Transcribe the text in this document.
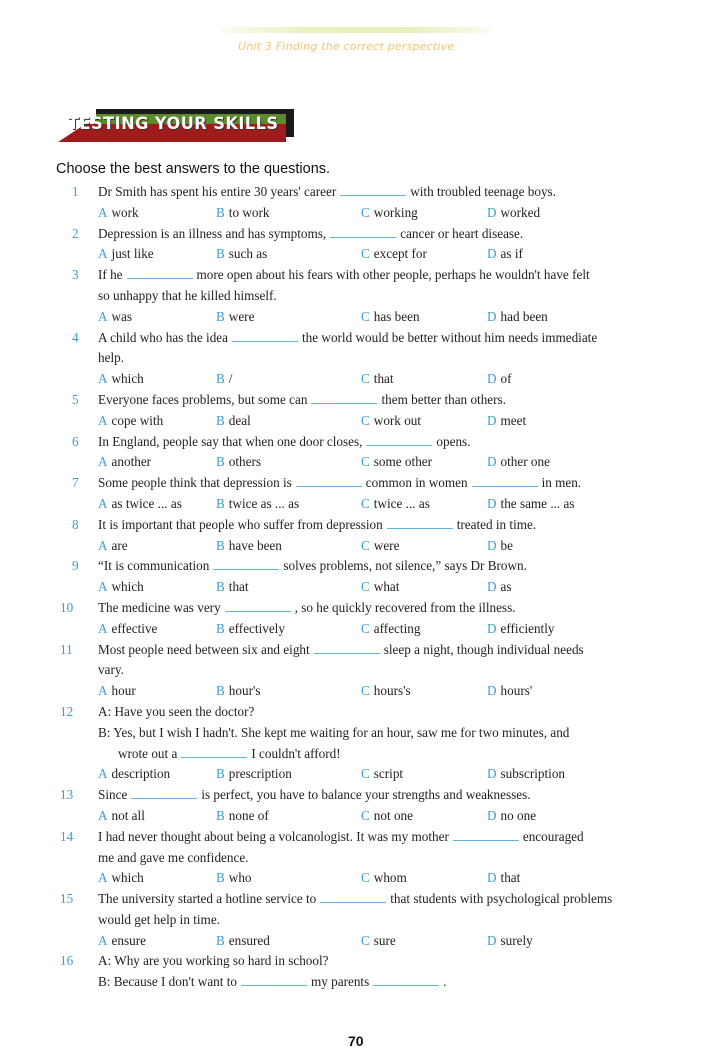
Unit 3 Finding the correct perspective
TESTING YOUR SKILLS
Choose the best answers to the questions.
1	Dr Smith has spent his entire 30 years' career	with troubled teenage boys.
A work	B to work	C working	D worked
2	Depression is an illness and has symptoms,	cancer or heart disease.
A just like	B such as	C except for	D as if
3	If he	more open about his fears with other people, perhaps he wouldn't have felt
so unhappy that he killed himself.
A was	B were	C has been	D had been
4	A child who has the idea	the world would be better without him needs immediate
help.
A which	B /	C that	D of
5	Everyone faces problems, but some can	them better than others.
A cope with	B deal	C work out	D meet
6	In England, people say that when one door closes,	opens.
A another	B others	C some other	D other one
7	Some people think that depression is	common in women	in men.
A as twice ... as	B twice as ... as	C twice ... as	D the same ... as
8	It is important that people who suffer from depression	treated in time.
A are	B have been	C were	D be
9	“It is communication	solves problems, not silence,” says Dr Brown.
A which	B that	C what	D as
10	The medicine was very	, so he quickly recovered from the illness.
A effective	B effectively	C affecting	D efficiently
11	Most people need between six and eight	sleep a night, though individual needs
vary.
A hour	B hour's	C hours's	D hours'
12	A: Have you seen the doctor?
B: Yes, but I wish I hadn't. She kept me waiting for an hour, saw me for two minutes, and
wrote out a	I couldn't afford!
A description	B prescription	C script	D subscription
13	Since	is perfect, you have to balance your strengths and weaknesses.
A not all	B none of	C not one	D no one
14	I had never thought about being a volcanologist. It was my mother	encouraged
me and gave me confidence.
A which	B who	C whom	D that
15	The university started a hotline service to	that students with psychological problems
would get help in time.
A ensure	B ensured	C sure	D surely
16	A: Why are you working so hard in school?
B: Because I don't want to	my parents	.
70
